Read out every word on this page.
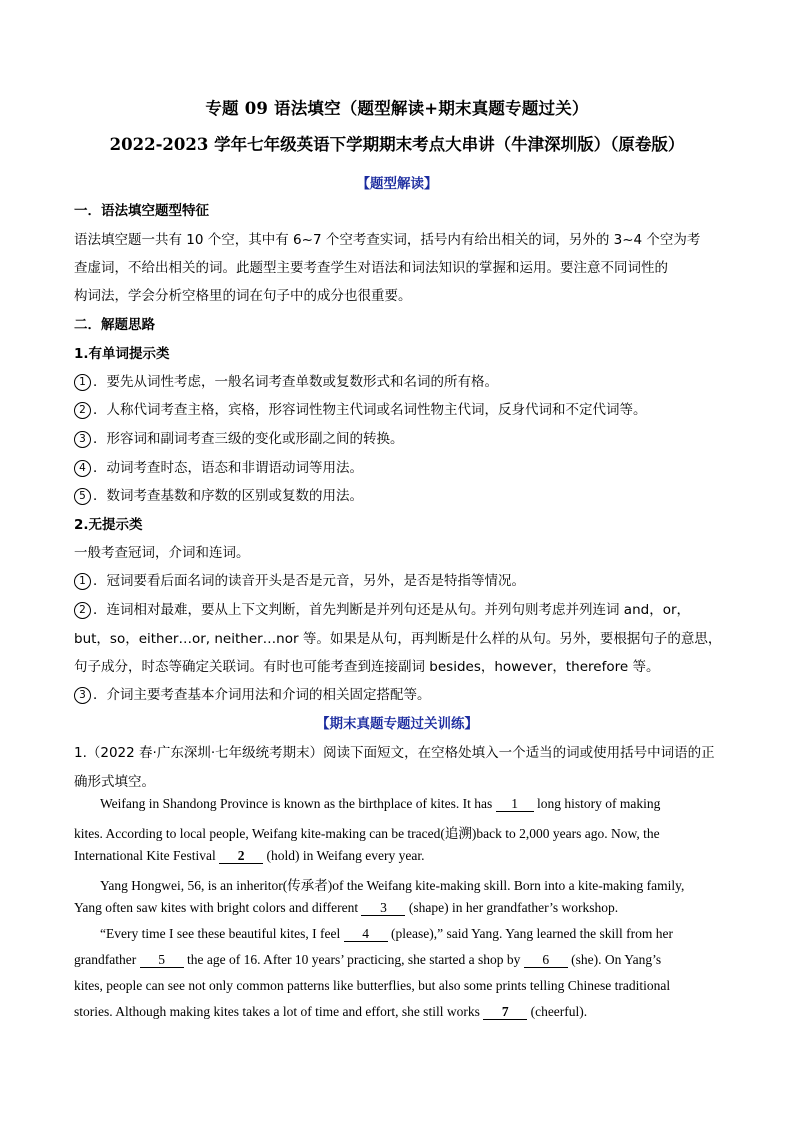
专题 09 语法填空（题型解读+期末真题专题过关）
2022-2023 学年七年级英语下学期期末考点大串讲（牛津深圳版）（原卷版）
【题型解读】
一．语法填空题型特征
语法填空题一共有 10 个空，其中有 6~7 个空考查实词，括号内有给出相关的词，另外的 3~4 个空为考
查虚词，不给出相关的词。此题型主要考查学生对语法和词法知识的掌握和运用。要注意不同词性的
构词法，学会分析空格里的词在句子中的成分也很重要。
二．解题思路
1.有单词提示类
1 ．要先从词性考虑，一般名词考查单数或复数形式和名词的所有格。
2 ．人称代词考查主格，宾格，形容词性物主代词或名词性物主代词，反身代词和不定代词等。
3 ．形容词和副词考查三级的变化或形副之间的转换。
4 ．动词考查时态，语态和非谓语动词等用法。
5 ．数词考查基数和序数的区别或复数的用法。
2.无提示类
一般考查冠词，介词和连词。
1 ．冠词要看后面名词的读音开头是否是元音，另外，是否是特指等情况。
2 ．连词相对最难，要从上下文判断，首先判断是并列句还是从句。并列句则考虑并列连词 and，or，
but，so，either…or, neither…nor 等。如果是从句，再判断是什么样的从句。另外，要根据句子的意思，
句子成分，时态等确定关联词。有时也可能考查到连接副词 besides，however，therefore 等。
3 ．介词主要考查基本介词用法和介词的相关固定搭配等。
【期末真题专题过关训练】
1.（2022 春·广东深圳·七年级统考期末）阅读下面短文，在空格处填入一个适当的词或使用括号中词语的正
确形式填空。
Weifang in Shandong Province is known as the birthplace of kites. It has 1 long history of making
kites. According to local people, Weifang kite-making can be traced(追溯)back to 2,000 years ago. Now, the
International Kite Festival 2 (hold) in Weifang every year.
Yang Hongwei, 56, is an inheritor(传承者)of the Weifang kite-making skill. Born into a kite-making family,
Yang often saw kites with bright colors and different 3 (shape) in her grandfather’s workshop.
“Every time I see these beautiful kites, I feel 4 (please),” said Yang. Yang learned the skill from her
grandfather 5 the age of 16. After 10 years’ practicing, she started a shop by 6 (she). On Yang’s
kites, people can see not only common patterns like butterflies, but also some prints telling Chinese traditional
stories. Although making kites takes a lot of time and effort, she still works 7 (cheerful).
